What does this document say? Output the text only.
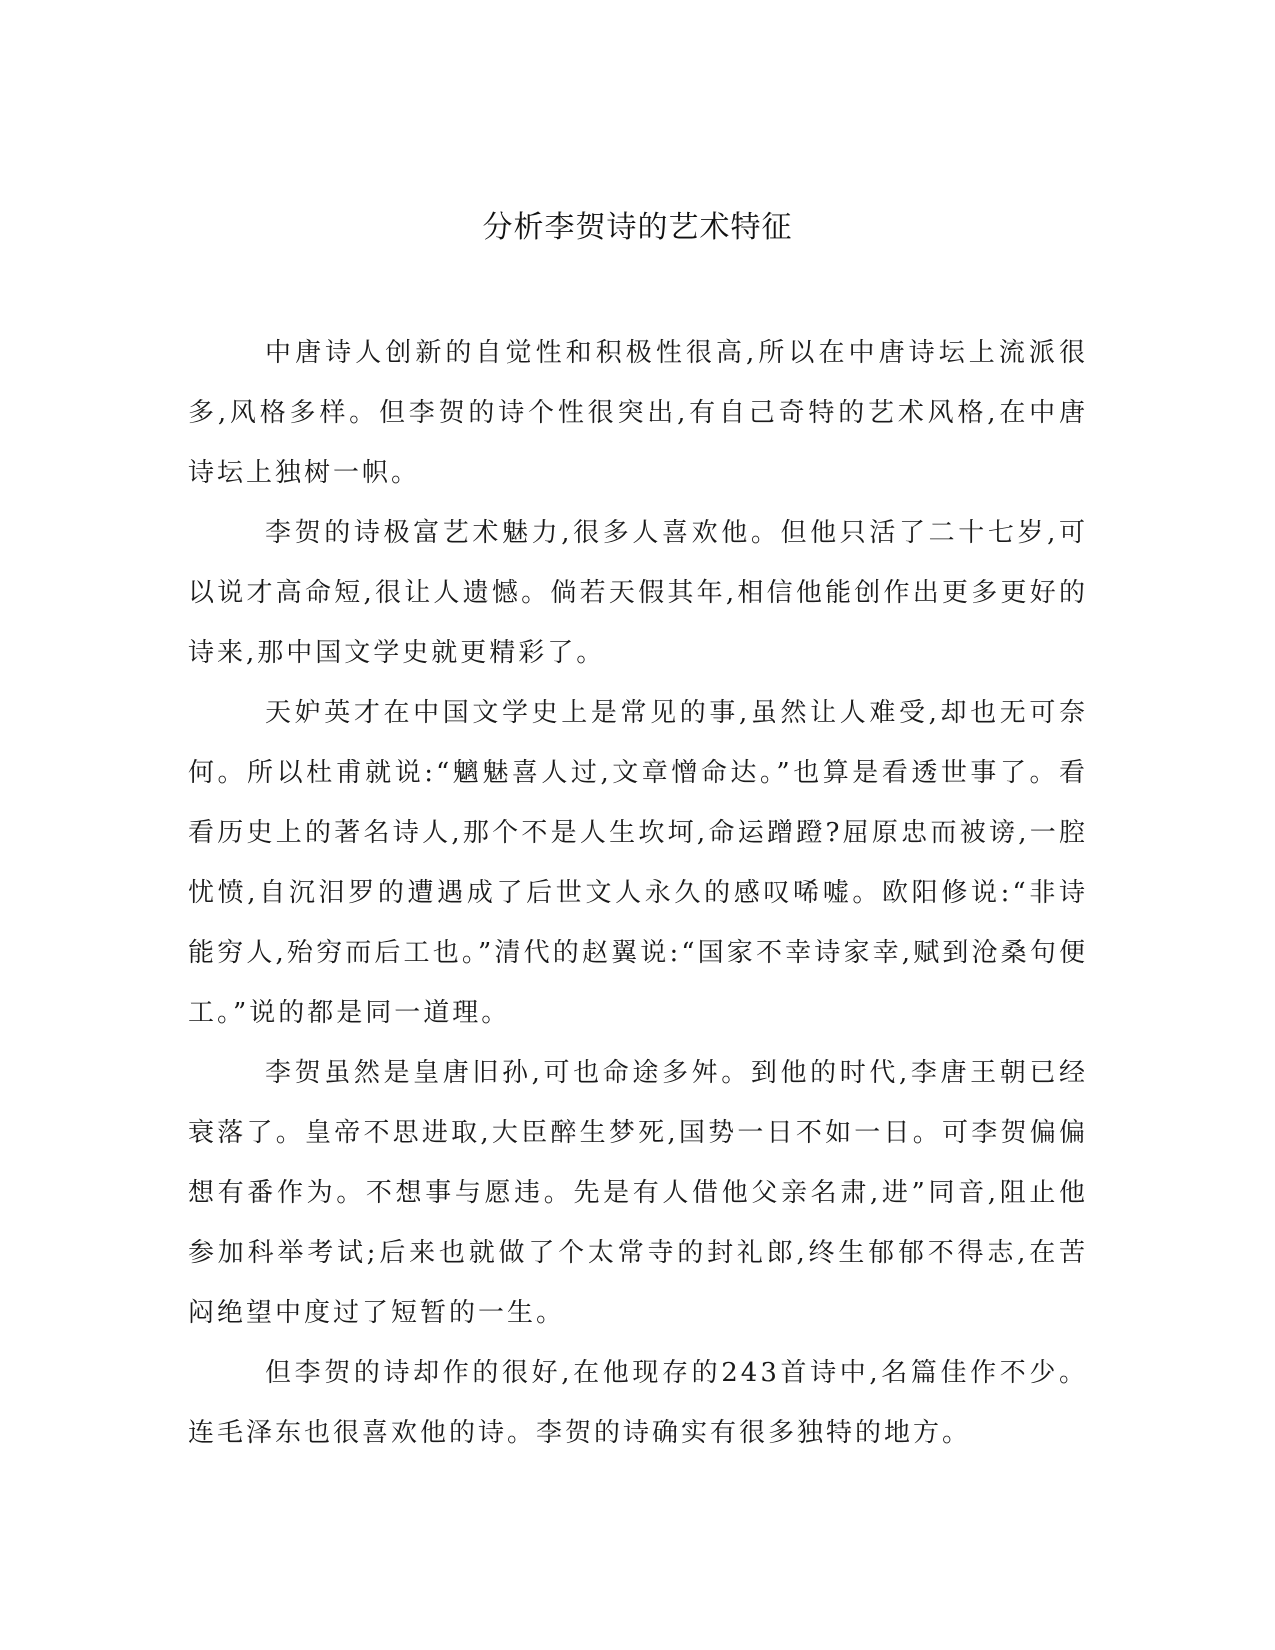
分析李贺诗的艺术特征

中唐诗人创新的自觉性和积极性很高,所以在中唐诗坛上流派很多,风格多样。但李贺的诗个性很突出,有自己奇特的艺术风格,在中唐诗坛上独树一帜。

李贺的诗极富艺术魅力,很多人喜欢他。但他只活了二十七岁,可以说才高命短,很让人遗憾。倘若天假其年,相信他能创作出更多更好的诗来,那中国文学史就更精彩了。

天妒英才在中国文学史上是常见的事,虽然让人难受,却也无可奈何。所以杜甫就说:“魑魅喜人过,文章憎命达。”也算是看透世事了。看看历史上的著名诗人,那个不是人生坎坷,命运蹭蹬?屈原忠而被谤,一腔忧愤,自沉汨罗的遭遇成了后世文人永久的感叹唏嘘。欧阳修说:“非诗能穷人,殆穷而后工也。”清代的赵翼说:“国家不幸诗家幸,赋到沧桑句便工。”说的都是同一道理。

李贺虽然是皇唐旧孙,可也命途多舛。到他的时代,李唐王朝已经衰落了。皇帝不思进取,大臣醉生梦死,国势一日不如一日。可李贺偏偏想有番作为。不想事与愿违。先是有人借他父亲名肃,进”同音,阻止他参加科举考试;后来也就做了个太常寺的封礼郎,终生郁郁不得志,在苦闷绝望中度过了短暂的一生。

但李贺的诗却作的很好,在他现存的243首诗中,名篇佳作不少。连毛泽东也很喜欢他的诗。李贺的诗确实有很多独特的地方。
